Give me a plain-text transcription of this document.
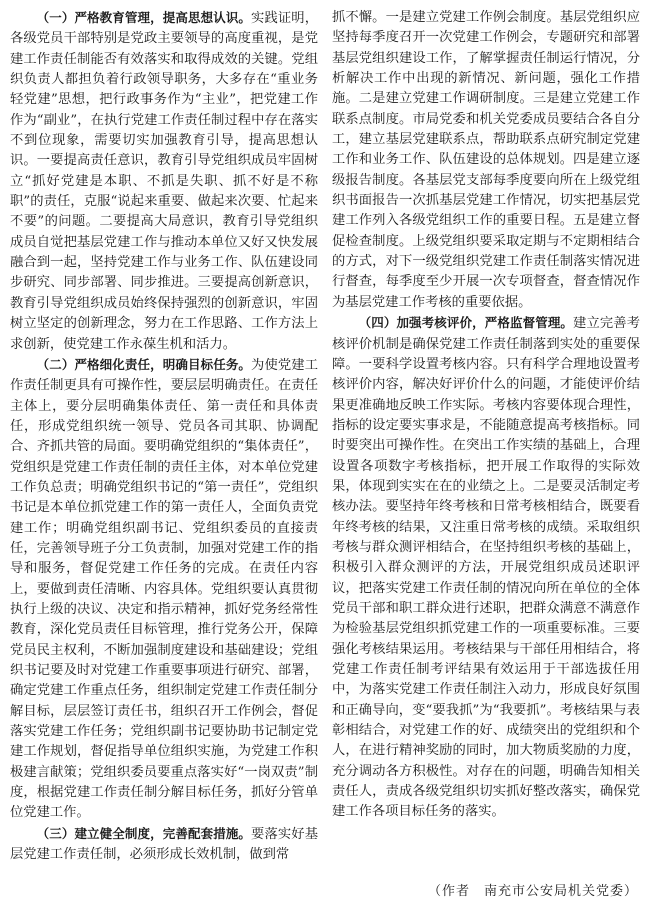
（一）严格教育管理，提高思想认识。实践证明，各级党员干部特别是党政主要领导的高度重视，是党建工作责任制能否有效落实和取得成效的关键。党组织负责人都担负着行政领导职务，大多存在“重业务轻党建”思想，把行政事务作为“主业”，把党建工作作为“副业”，在执行党建工作责任制过程中存在落实不到位现象，需要切实加强教育引导，提高思想认识。一要提高责任意识，教育引导党组织成员牢固树立“抓好党建是本职、不抓是失职、抓不好是不称职”的责任，克服“说起来重要、做起来次要、忙起来不要”的问题。二要提高大局意识，教育引导党组织成员自觉把基层党建工作与推动本单位又好又快发展融合到一起，坚持党建工作与业务工作、队伍建设同步研究、同步部署、同步推进。三要提高创新意识，教育引导党组织成员始终保持强烈的创新意识，牢固树立坚定的创新理念，努力在工作思路、工作方法上求创新，使党建工作永葆生机和活力。

（二）严格细化责任，明确目标任务。为使党建工作责任制更具有可操作性，要层层明确责任。在责任主体上，要分层明确集体责任、第一责任和具体责任，形成党组织统一领导、党员各司其职、协调配合、齐抓共管的局面。要明确党组织的“集体责任”，党组织是党建工作责任制的责任主体，对本单位党建工作负总责；明确党组织书记的“第一责任”，党组织书记是本单位抓党建工作的第一责任人，全面负责党建工作；明确党组织副书记、党组织委员的直接责任，完善领导班子分工负责制，加强对党建工作的指导和服务，督促党建工作任务的完成。在责任内容上，要做到责任清晰、内容具体。党组织要认真贯彻执行上级的决议、决定和指示精神，抓好党务经常性教育，深化党员责任目标管理，推行党务公开，保障党员民主权利，不断加强制度建设和基础建设；党组织书记要及时对党建工作重要事项进行研究、部署，确定党建工作重点任务，组织制定党建工作责任制分解目标，层层签订责任书，组织召开工作例会，督促落实党建工作任务；党组织副书记要协助书记制定党建工作规划，督促指导单位组织实施，为党建工作积极建言献策；党组织委员要重点落实好“一岗双责”制度，根据党建工作责任制分解目标任务，抓好分管单位党建工作。

（三）建立健全制度，完善配套措施。要落实好基层党建工作责任制，必须形成长效机制，做到常

抓不懈。一是建立党建工作例会制度。基层党组织应坚持每季度召开一次党建工作例会，专题研究和部署基层党组织建设工作，了解掌握责任制运行情况，分析解决工作中出现的新情况、新问题，强化工作措施。二是建立党建工作调研制度。三是建立党建工作联系点制度。市局党委和机关党委成员要结合各自分工，建立基层党建联系点，帮助联系点研究制定党建工作和业务工作、队伍建设的总体规划。四是建立逐级报告制度。各基层党支部每季度要向所在上级党组织书面报告一次抓基层党建工作情况，切实把基层党建工作列入各级党组织工作的重要日程。五是建立督促检查制度。上级党组织要采取定期与不定期相结合的方式，对下一级党组织党建工作责任制落实情况进行督查，每季度至少开展一次专项督查，督查情况作为基层党建工作考核的重要依据。

（四）加强考核评价，严格监督管理。建立完善考核评价机制是确保党建工作责任制落到实处的重要保障。一要科学设置考核内容。只有科学合理地设置考核评价内容，解决好评价什么的问题，才能使评价结果更准确地反映工作实际。考核内容要体现合理性，指标的设定要实事求是，不能随意提高考核指标。同时要突出可操作性。在突出工作实绩的基础上，合理设置各项数字考核指标，把开展工作取得的实际效果，体现到实实在在的业绩之上。二是要灵活制定考核办法。要坚持年终考核和日常考核相结合，既要看年终考核的结果，又注重日常考核的成绩。采取组织考核与群众测评相结合，在坚持组织考核的基础上，积极引入群众测评的方法，开展党组织成员述职评议，把落实党建工作责任制的情况向所在单位的全体党员干部和职工群众进行述职，把群众满意不满意作为检验基层党组织抓党建工作的一项重要标准。三要强化考核结果运用。考核结果与干部任用相结合，将党建工作责任制考评结果有效运用于干部选拔任用中，为落实党建工作责任制注入动力，形成良好氛围和正确导向，变“要我抓”为“我要抓”。考核结果与表彰相结合，对党建工作的好、成绩突出的党组织和个人，在进行精神奖励的同时，加大物质奖励的力度，充分调动各方积极性。对存在的问题，明确告知相关责任人，责成各级党组织切实抓好整改落实，确保党建工作各项目标任务的落实。

（作者　南充市公安局机关党委）
